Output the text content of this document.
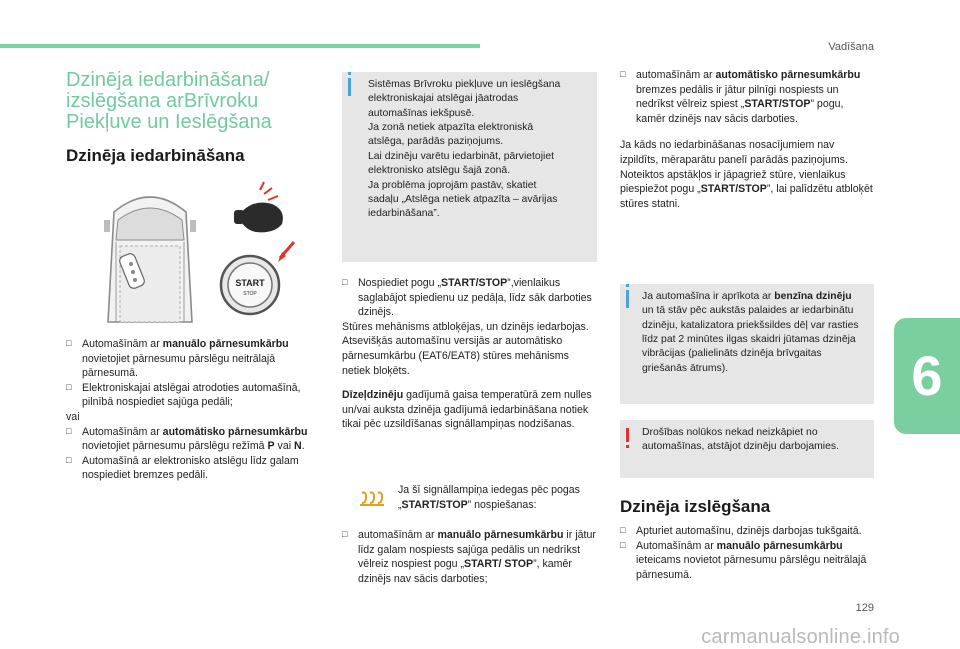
Vadīšana
6
129
carmanualsonline.info
Dzinēja iedarbināšana/
izslēgšana arBrīvroku
Piekļuve un Ieslēgšana
Dzinēja iedarbināšana
START
STOP
□ Automašīnām ar manuālo pārnesumkārbu novietojiet pārnesumu pārslēgu neitrālajā pārnesumā.
□ Elektroniskajai atslēgai atrodoties automašīnā, pilnībā nospiediet sajūga pedāli;

vai

□ Automašīnām ar automātisko pārnesumkārbu novietojiet pārnesumu pārslēgu režīmā P vai N.
□ Automašīnā ar elektronisko atslēgu līdz galam nospiediet bremzes pedāli.
Sistēmas Brīvroku piekļuve un ieslēgšana
elektroniskajai atslēgai jāatrodas
automašīnas iekšpusē.
Ja zonā netiek atpazīta elektroniskā
atslēga, parādās paziņojums.
Lai dzinēju varētu iedarbināt, pārvietojiet
elektronisko atslēgu šajā zonā.
Ja problēma joprojām pastāv, skatiet
sadaļu „Atslēga netiek atpazīta – avārijas
iedarbināšana”.
□ Nospiediet pogu „START/STOP”,vienlaikus saglabājot spiedienu uz pedāļa, līdz sāk darboties dzinējs.

Stūres mehānisms atbloķējas, un dzinējs iedarbojas.

Atsevišķās automašīnu versijās ar automātisko pārnesumkārbu (EAT6/EAT8) stūres mehānisms netiek bloķēts.

Dīzeļdzinēju gadījumā gaisa temperatūrā zem nulles un/vai auksta dzinēja gadījumā iedarbināšana notiek tikai pēc uzsildīšanas signāllampiņas nodzišanas.

Ja šī signāllampiņa iedegas pēc pogas „START/STOP” nospiešanas:
□ automašīnām ar manuālo pārnesumkārbu ir jātur līdz galam nospiests sajūga pedālis un nedrīkst vēlreiz nospiest pogu „START/ STOP”, kamēr dzinējs nav sācis darboties;
□ automašīnām ar automātisko pārnesumkārbu bremzes pedālis ir jātur pilnīgi nospiests un nedrīkst vēlreiz spiest „START/STOP” pogu, kamēr dzinējs nav sācis darboties.

Ja kāds no iedarbināšanas nosacījumiem nav izpildīts, mēraparātu panelī parādās paziņojums.

Noteiktos apstākļos ir jāpagriež stūre, vienlaikus piespiežot pogu „START/STOP”, lai palīdzētu atbloķēt stūres statni.

Ja automašīna ir aprīkota ar benzīna dzinēju un tā stāv pēc aukstās palaides ar iedarbinātu dzinēju, katalizatora priekšsildes dēļ var rasties līdz pat 2 minūtes ilgas skaidri jūtamas dzinēja vibrācijas (palielināts dzinēja brīvgaitas griešanās ātrums).
Drošības nolūkos nekad neizkāpiet no automašīnas, atstājot dzinēju darbojamies.
Dzinēja izslēgšana
□ Apturiet automašīnu, dzinējs darbojas tukšgaitā.
□ Automašīnām ar manuālo pārnesumkārbu ieteicams novietot pārnesumu pārslēgu neitrālajā pārnesumā.
